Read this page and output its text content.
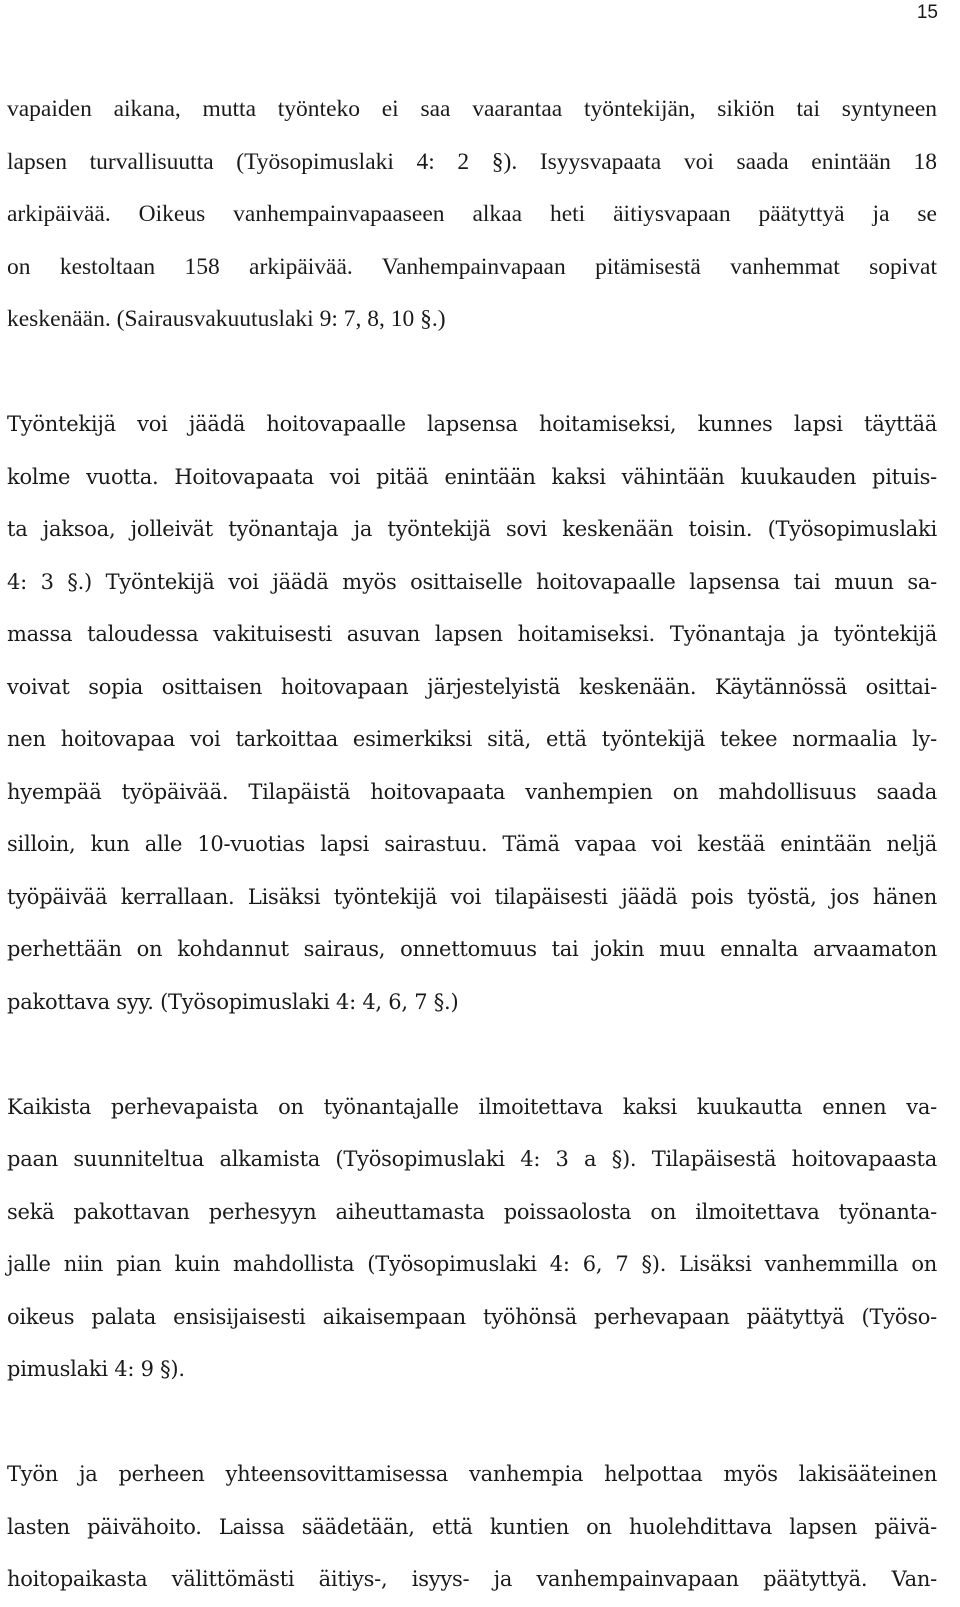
15
vapaiden aikana, mutta työnteko ei saa vaarantaa työntekijän, sikiön tai syntyneen
lapsen turvallisuutta (Työsopimuslaki 4: 2 §). Isyysvapaata voi saada enintään 18
arkipäivää. Oikeus vanhempainvapaaseen alkaa heti äitiysvapaan päätyttyä ja se
on kestoltaan 158 arkipäivää. Vanhempainvapaan pitämisestä vanhemmat sopivat
keskenään. (Sairausvakuutuslaki 9: 7, 8, 10 §.)
Työntekijä voi jäädä hoitovapaalle lapsensa hoitamiseksi, kunnes lapsi täyttää
kolme vuotta. Hoitovapaata voi pitää enintään kaksi vähintään kuukauden pituis-
ta jaksoa, jolleivät työnantaja ja työntekijä sovi keskenään toisin. (Työsopimuslaki
4: 3 §.) Työntekijä voi jäädä myös osittaiselle hoitovapaalle lapsensa tai muun sa-
massa taloudessa vakituisesti asuvan lapsen hoitamiseksi. Työnantaja ja työntekijä
voivat sopia osittaisen hoitovapaan järjestelyistä keskenään. Käytännössä osittai-
nen hoitovapaa voi tarkoittaa esimerkiksi sitä, että työntekijä tekee normaalia ly-
hyempää työpäivää. Tilapäistä hoitovapaata vanhempien on mahdollisuus saada
silloin, kun alle 10-vuotias lapsi sairastuu. Tämä vapaa voi kestää enintään neljä
työpäivää kerrallaan. Lisäksi työntekijä voi tilapäisesti jäädä pois työstä, jos hänen
perhettään on kohdannut sairaus, onnettomuus tai jokin muu ennalta arvaamaton
pakottava syy. (Työsopimuslaki 4: 4, 6, 7 §.)
Kaikista perhevapaista on työnantajalle ilmoitettava kaksi kuukautta ennen va-
paan suunniteltua alkamista (Työsopimuslaki 4: 3 a §). Tilapäisestä hoitovapaasta
sekä pakottavan perhesyyn aiheuttamasta poissaolosta on ilmoitettava työnanta-
jalle niin pian kuin mahdollista (Työsopimuslaki 4: 6, 7 §). Lisäksi vanhemmilla on
oikeus palata ensisijaisesti aikaisempaan työhönsä perhevapaan päätyttyä (Työso-
pimuslaki 4: 9 §).
Työn ja perheen yhteensovittamisessa vanhempia helpottaa myös lakisääteinen
lasten päivähoito. Laissa säädetään, että kuntien on huolehdittava lapsen päivä-
hoitopaikasta välittömästi äitiys-, isyys- ja vanhempainvapaan päätyttyä. Van-
